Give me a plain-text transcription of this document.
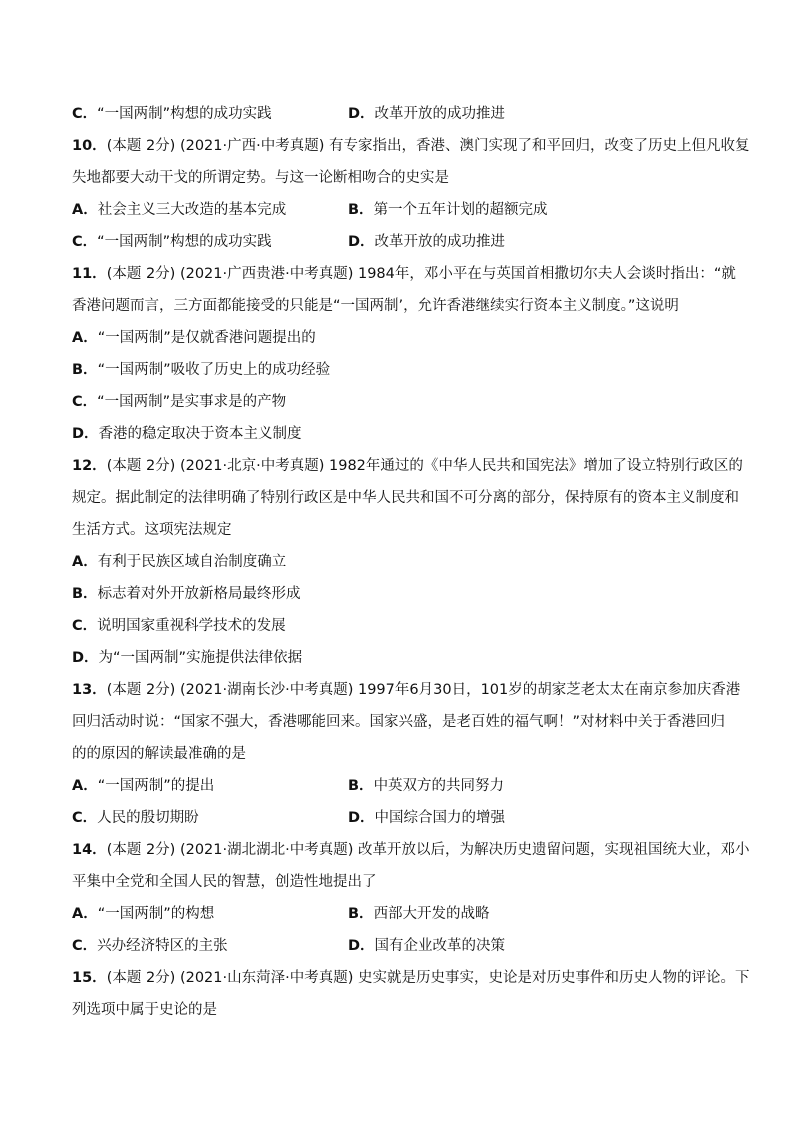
C．“一国两制”构想的成功实践	D．改革开放的成功推进
10．(本题 2分) (2021·广西·中考真题) 有专家指出，香港、澳门实现了和平回归，改变了历史上但凡收复
失地都要大动干戈的所谓定势。与这一论断相吻合的史实是
A．社会主义三大改造的基本完成	B．第一个五年计划的超额完成
C．“一国两制”构想的成功实践	D．改革开放的成功推进
11．(本题 2分) (2021·广西贵港·中考真题) 1984年，邓小平在与英国首相撒切尔夫人会谈时指出：“就
香港问题而言，三方面都能接受的只能是“一国两制’，允许香港继续实行资本主义制度。”这说明
A．“一国两制”是仅就香港问题提出的
B．“一国两制”吸收了历史上的成功经验
C．“一国两制”是实事求是的产物
D．香港的稳定取决于资本主义制度
12．(本题 2分) (2021·北京·中考真题) 1982年通过的《中华人民共和国宪法》增加了设立特别行政区的
规定。据此制定的法律明确了特别行政区是中华人民共和国不可分离的部分，保持原有的资本主义制度和
生活方式。这项宪法规定
A．有利于民族区域自治制度确立
B．标志着对外开放新格局最终形成
C．说明国家重视科学技术的发展
D．为“一国两制”实施提供法律依据
13．(本题 2分) (2021·湖南长沙·中考真题) 1997年6月30日，101岁的胡家芝老太太在南京参加庆香港
回归活动时说：“国家不强大，香港哪能回来。国家兴盛，是老百姓的福气啊！”对材料中关于香港回归
的的原因的解读最准确的是
A．“一国两制”的提出	B．中英双方的共同努力
C．人民的殷切期盼	D．中国综合国力的增强
14．(本题 2分) (2021·湖北湖北·中考真题) 改革开放以后，为解决历史遗留问题，实现祖国统大业，邓小
平集中全党和全国人民的智慧，创造性地提出了
A．“一国两制”的构想	B．西部大开发的战略
C．兴办经济特区的主张	D．国有企业改革的决策
15．(本题 2分) (2021·山东菏泽·中考真题) 史实就是历史事实，史论是对历史事件和历史人物的评论。下
列选项中属于史论的是
